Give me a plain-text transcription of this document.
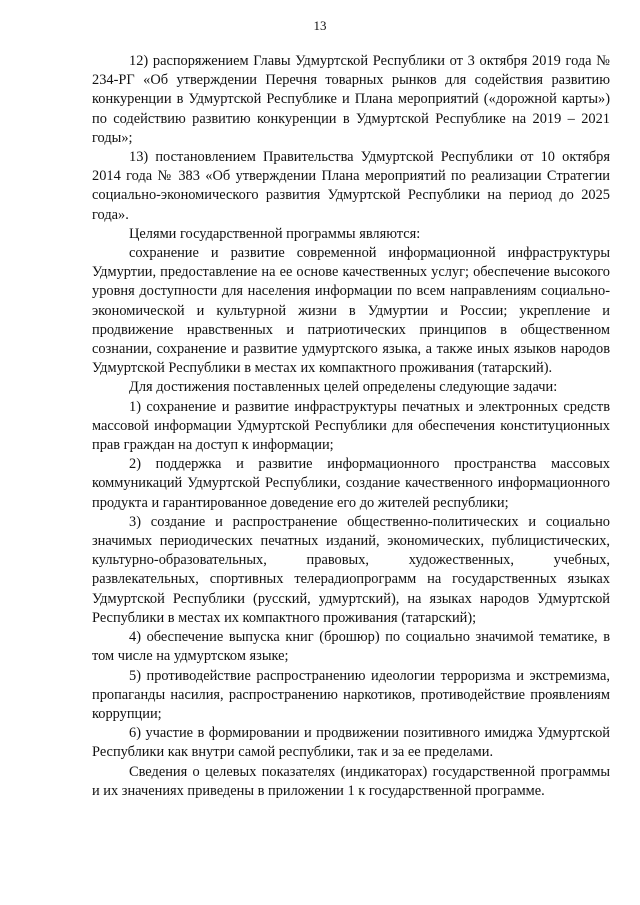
13

12) распоряжением Главы Удмуртской Республики от 3 октября 2019 года № 234-РГ «Об утверждении Перечня товарных рынков для содействия развитию конкуренции в Удмуртской Республике и Плана мероприятий («дорожной карты») по содействию развитию конкуренции в Удмуртской Республике на 2019 – 2021 годы»;

13) постановлением Правительства Удмуртской Республики от 10 октября 2014 года № 383 «Об утверждении Плана мероприятий по реализации Стратегии социально-экономического развития Удмуртской Республики на период до 2025 года».

Целями государственной программы являются:

сохранение и развитие современной информационной инфраструктуры Удмуртии, предоставление на ее основе качественных услуг; обеспечение высокого уровня доступности для населения информации по всем направлениям социально-экономической и культурной жизни в Удмуртии и России; укрепление и продвижение нравственных и патриотических принципов в общественном сознании, сохранение и развитие удмуртского языка, а также иных языков народов Удмуртской Республики в местах их компактного проживания (татарский).

Для достижения поставленных целей определены следующие задачи:

1) сохранение и развитие инфраструктуры печатных и электронных средств массовой информации Удмуртской Республики для обеспечения конституционных прав граждан на доступ к информации;

2) поддержка и развитие информационного пространства массовых коммуникаций Удмуртской Республики, создание качественного информационного продукта и гарантированное доведение его до жителей республики;

3) создание и распространение общественно-политических и социально значимых периодических печатных изданий, экономических, публицистических, культурно-образовательных, правовых, художественных, учебных, развлекательных, спортивных телерадиопрограмм на государственных языках Удмуртской Республики (русский, удмуртский), на языках народов Удмуртской Республики в местах их компактного проживания (татарский);

4) обеспечение выпуска книг (брошюр) по социально значимой тематике, в том числе на удмуртском языке;

5) противодействие распространению идеологии терроризма и экстремизма, пропаганды насилия, распространению наркотиков, противодействие проявлениям коррупции;

6) участие в формировании и продвижении позитивного имиджа Удмуртской Республики как внутри самой республики, так и за ее пределами.

Сведения о целевых показателях (индикаторах) государственной программы и их значениях приведены в приложении 1 к государственной программе.
